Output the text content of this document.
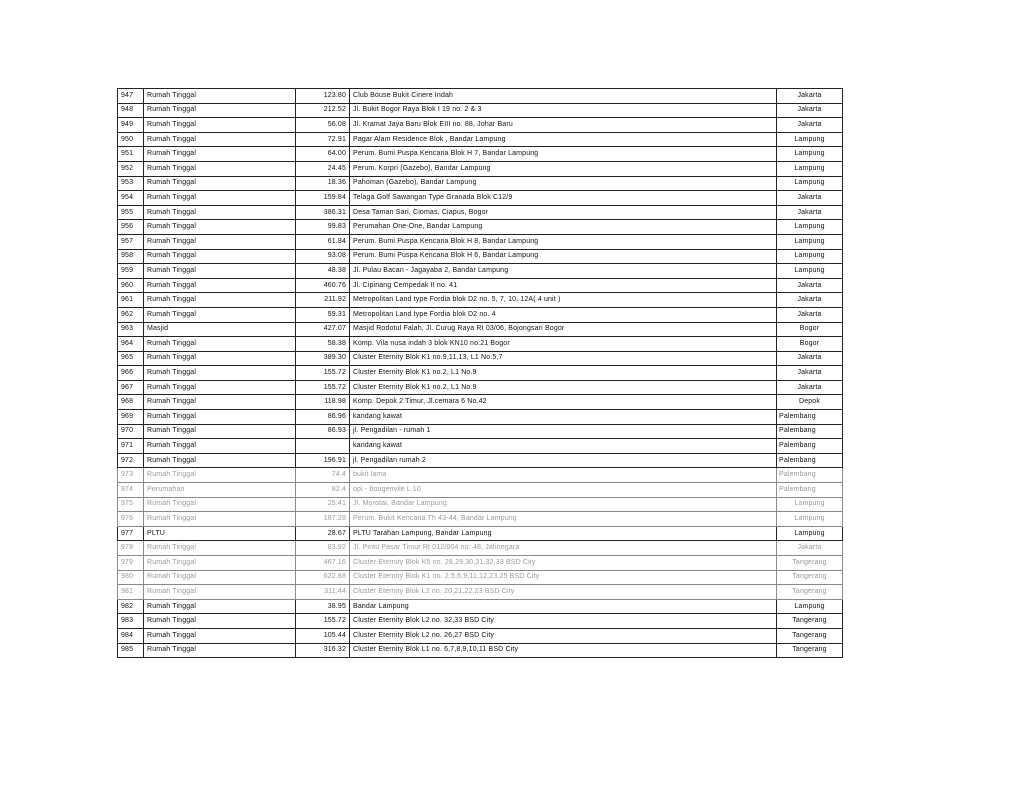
947	Rumah Tinggal	123.80	Club Bouse Bukit Cinere Indah	Jakarta
948	Rumah Tinggal	212.52	Jl. Bukit Bogor Raya Blok I 19 no. 2 & 3	Jakarta
949	Rumah Tinggal	56.08	Jl. Kramat Jaya Baru Blok EIII no. 88, Johar Baru	Jakarta
950	Rumah Tinggal	72.91	Pagar Alam Residence Blok , Bandar Lampung	Lampung
951	Rumah Tinggal	64.00	Perum. Bumi Puspa Kencana Blok H 7, Bandar Lampung	Lampung
952	Rumah Tinggal	24.45	Perum. Korpri (Gazebo), Bandar Lampung	Lampung
953	Rumah Tinggal	18.36	Pahoman (Gazebo), Bandar Lampung	Lampung
954	Rumah Tinggal	159.84	Telaga Golf Sawangan Type Granada Blok C12/9	Jakarta
955	Rumah Tinggal	386.31	Desa Taman Sari, Ciomas, Ciapus, Bogor	Jakarta
956	Rumah Tinggal	99.83	Perumahan One-One, Bandar Lampung	Lampung
957	Rumah Tinggal	61.84	Perum. Bumi Puspa Kencana Blok H 8, Bandar Lampung	Lampung
958	Rumah Tinggal	93.08	Perum. Bumi Puspa Kencana Blok H 6, Bandar Lampung	Lampung
959	Rumah Tinggal	48.38	Jl. Pulau Bacan - Jagayaba 2, Bandar Lampung	Lampung
960	Rumah Tinggal	460.76	Jl. Cipinang Cempedak II no. 41	Jakarta
961	Rumah Tinggal	211.92	Metropolitan Land type Fordia blok D2 no. 5, 7, 10, 12A( 4 unit )	Jakarta
962	Rumah Tinggal	59.31	Metropolitan Land type Fordia blok D2 no. 4	Jakarta
963	Masjid	427.07	Masjid Rodotul Falah, Jl. Curug Raya Rt 03/06, Bojongsari Bogor	Bogor
964	Rumah Tinggal	58.38	Komp. Vila nusa indah 3 blok KN10 no.21 Bogor	Bogor
965	Rumah Tinggal	389.30	Cluster Eternity Blok K1 no.9,11,13, L1 No.5,7	Jakarta
966	Rumah Tinggal	155.72	Cluster Eternity Blok K1 no.2, L1 No.9	Jakarta
967	Rumah Tinggal	155.72	Cluster Eternity Blok K1 no.2, L1 No.9	Jakarta
968	Rumah Tinggal	118.98	Komp. Depok 2 Timur, Jl.cemara 6 No.42	Depok
969	Rumah Tinggal	86.96	kandang kawat	Palembang
970	Rumah Tinggal	86.93	jl. Pengadilan - rumah 1	Palembang
971	Rumah Tinggal		kandang kawat	Palembang
972	Rumah Tinggal	196.91	jl. Pengadilan rumah 2	Palembang
973	Rumah Tinggal	74.4	bukit lama	Palembang
974	Perumahan	82.4	opi - bougenvile L 10	Palembang
975	Rumah Tinggal	25.41	Jl. Morotai, Bandar Lampung	Lampung
976	Rumah Tinggal	167.28	Perum. Bukit Kencana Th 43-44, Bandar Lampung	Lampung
977	PLTU	28.67	PLTU Tarahan Lampung, Bandar Lampung	Lampung
978	Rumah Tinggal	83.92	Jl. Pintu Pasar Timur Rt 012/004 no. 48, Jatinegara	Jakarta
979	Rumah Tinggal	467.16	Cluster Eternity Blok K5 no. 28,29,30,31,32,33 BSD City	Tangerang
980	Rumah Tinggal	622.88	Cluster Eternity Blok K1 no. 2,5,6,9,11,12,23,25 BSD City	Tangerang
981	Rumah Tinggal	311.44	Cluster Eternity Blok L2 no. 20,21,22,23 BSD City	Tangerang
982	Rumah Tinggal	38.95	Bandar Lampung	Lampung
983	Rumah Tinggal	155.72	Cluster Eternity Blok L2 no. 32,33 BSD City	Tangerang
984	Rumah Tinggal	105.44	Cluster Eternity Blok L2 no. 26,27 BSD City	Tangerang
985	Rumah Tinggal	316.32	Cluster Eternity Blok L1 no. 6,7,8,9,10,11 BSD City	Tangerang
